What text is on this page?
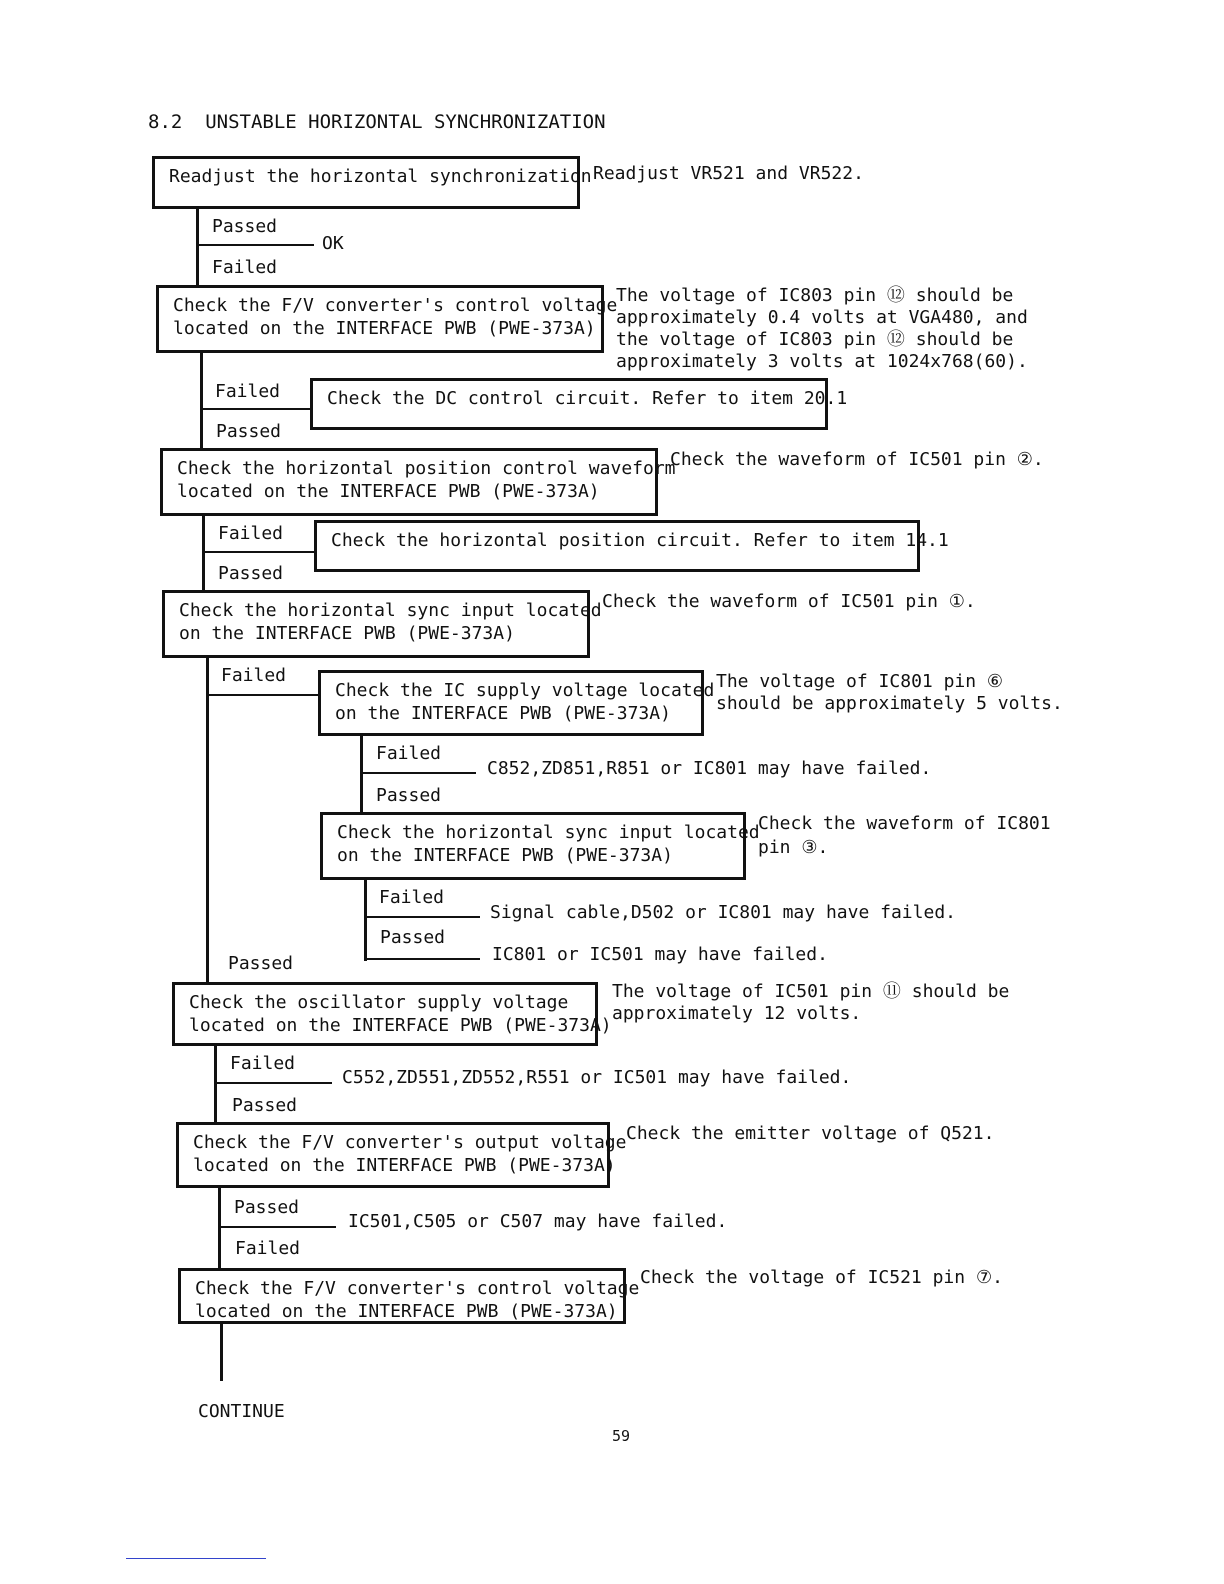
8.2  UNSTABLE HORIZONTAL SYNCHRONIZATION
Readjust the horizontal synchronization Readjust VR521 and VR522.
Passed
OK
Failed
Check the F/V converter's control voltage
located on the INTERFACE PWB (PWE-373A)
The voltage of IC803 pin ⑫ should be
approximately 0.4 volts at VGA480, and
the voltage of IC803 pin ⑫ should be
approximately 3 volts at 1024x768(60).
Failed	Check the DC control circuit. Refer to item 20.1
Passed
Check the horizontal position control waveform
located on the INTERFACE PWB (PWE-373A)
Check the waveform of IC501 pin ②.
Failed	Check the horizontal position circuit. Refer to item 14.1
Passed
Check the horizontal sync input located
on the INTERFACE PWB (PWE-373A)
Check the waveform of IC501 pin ①.
Failed
Check the IC supply voltage located
on the INTERFACE PWB (PWE-373A)
The voltage of IC801 pin ⑥
should be approximately 5 volts.
Failed
C852,ZD851,R851 or IC801 may have failed.
Passed
Check the horizontal sync input located
on the INTERFACE PWB (PWE-373A)
Check the waveform of IC801
pin ③.
Failed
Signal cable,D502 or IC801 may have failed.
Passed
IC801 or IC501 may have failed.
Passed
Check the oscillator supply voltage
located on the INTERFACE PWB (PWE-373A)
The voltage of IC501 pin ⑪ should be
approximately 12 volts.
Failed
C552,ZD551,ZD552,R551 or IC501 may have failed.
Passed
Check the F/V converter's output voltage
located on the INTERFACE PWB (PWE-373A)
Check the emitter voltage of Q521.
Passed
IC501,C505 or C507 may have failed.
Failed
Check the F/V converter's control voltage
located on the INTERFACE PWB (PWE-373A)
Check the voltage of IC521 pin ⑦.
CONTINUE
59
